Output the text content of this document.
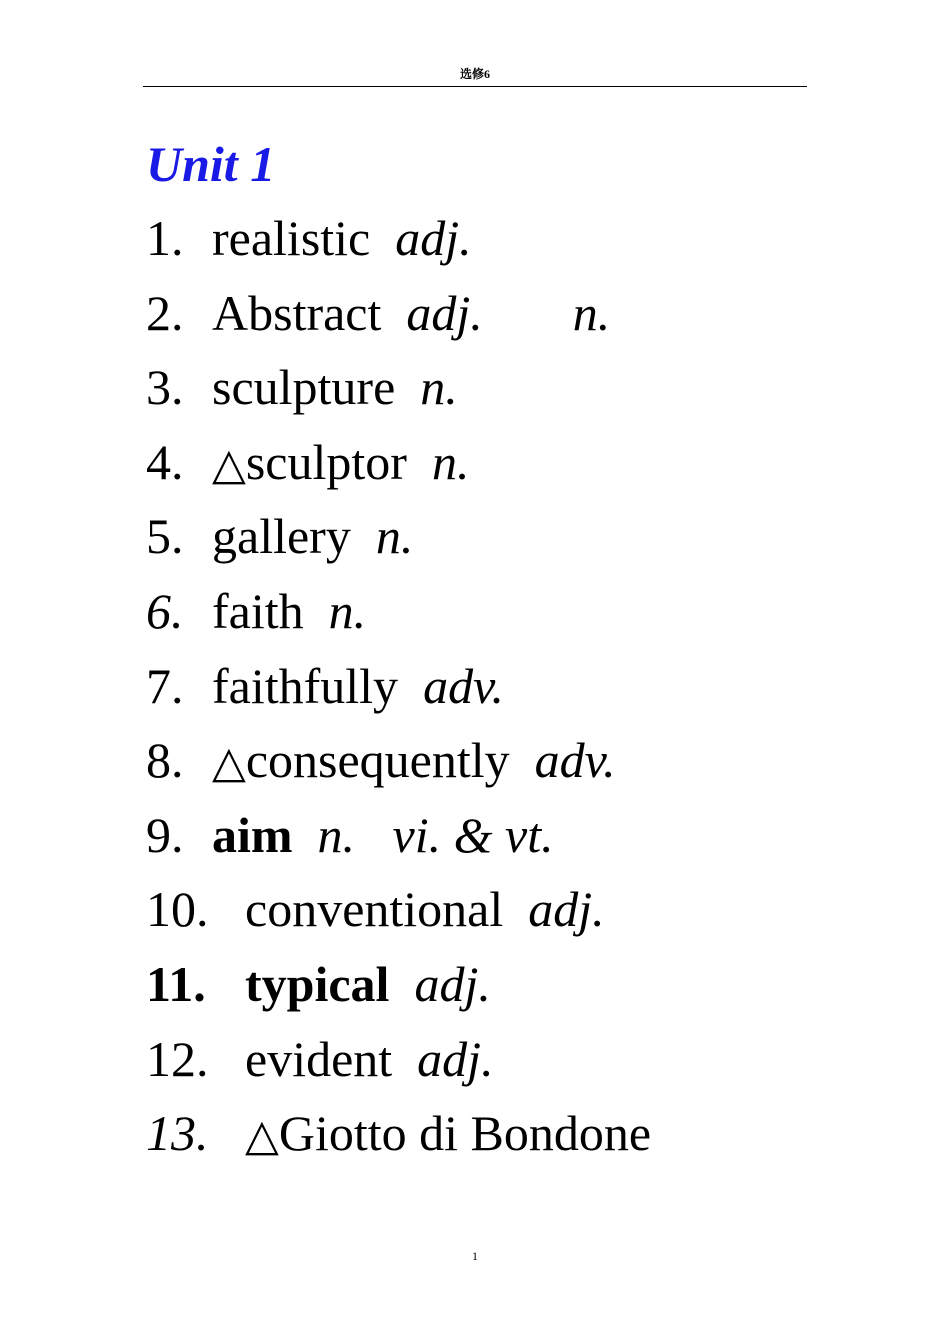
选修6
Unit 1
1. realistic adj.
2. Abstract adj. n.
3. sculpture n.
4. △sculptor n.
5. gallery n.
6. faith n.
7. faithfully adv.
8. △consequently adv.
9. aim n. vi. & vt.
10. conventional adj.
11. typical adj.
12. evident adj.
13. △Giotto di Bondone
1
